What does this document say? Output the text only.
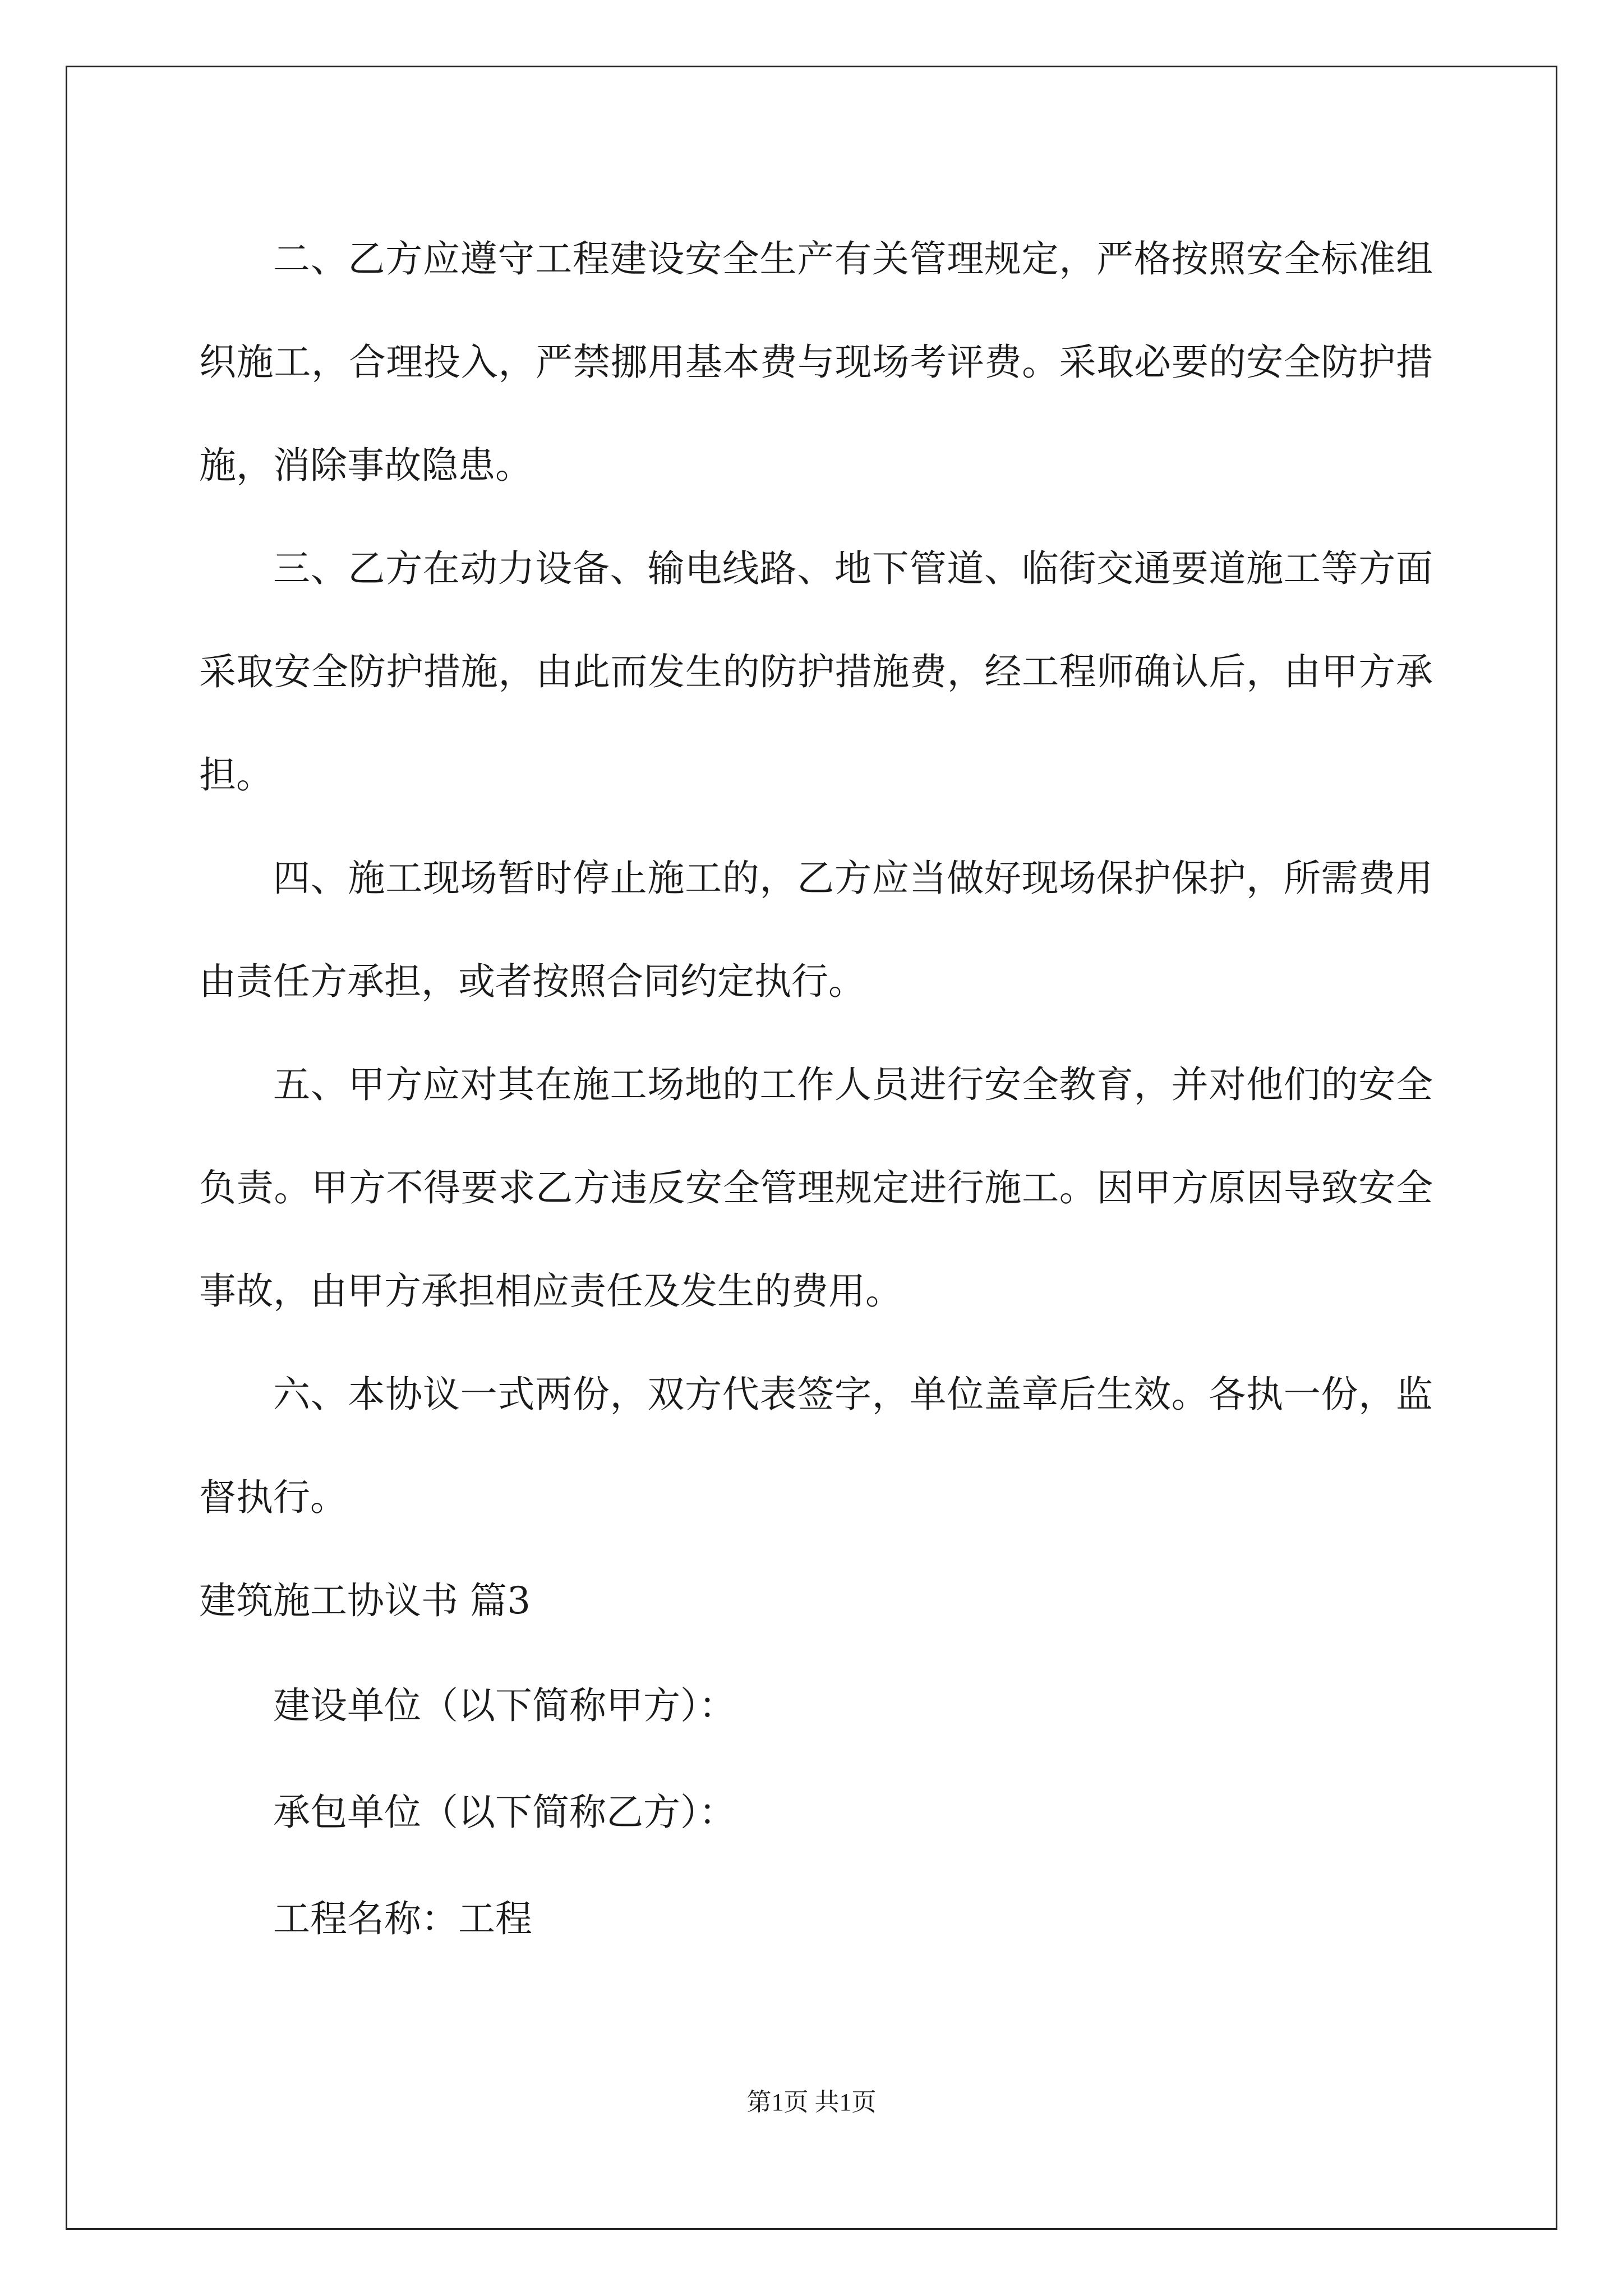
二、乙方应遵守工程建设安全生产有关管理规定，严格按照安全标准组织施工，合理投入，严禁挪用基本费与现场考评费。采取必要的安全防护措施，消除事故隐患。

三、乙方在动力设备、输电线路、地下管道、临街交通要道施工等方面采取安全防护措施，由此而发生的防护措施费，经工程师确认后，由甲方承担。

四、施工现场暂时停止施工的，乙方应当做好现场保护保护，所需费用由责任方承担，或者按照合同约定执行。

五、甲方应对其在施工场地的工作人员进行安全教育，并对他们的安全负责。甲方不得要求乙方违反安全管理规定进行施工。因甲方原因导致安全事故，由甲方承担相应责任及发生的费用。

六、本协议一式两份，双方代表签字，单位盖章后生效。各执一份，监督执行。

建筑施工协议书 篇3

建设单位（以下简称甲方）：

承包单位（以下简称乙方）：

工程名称：工程

第1页 共1页
